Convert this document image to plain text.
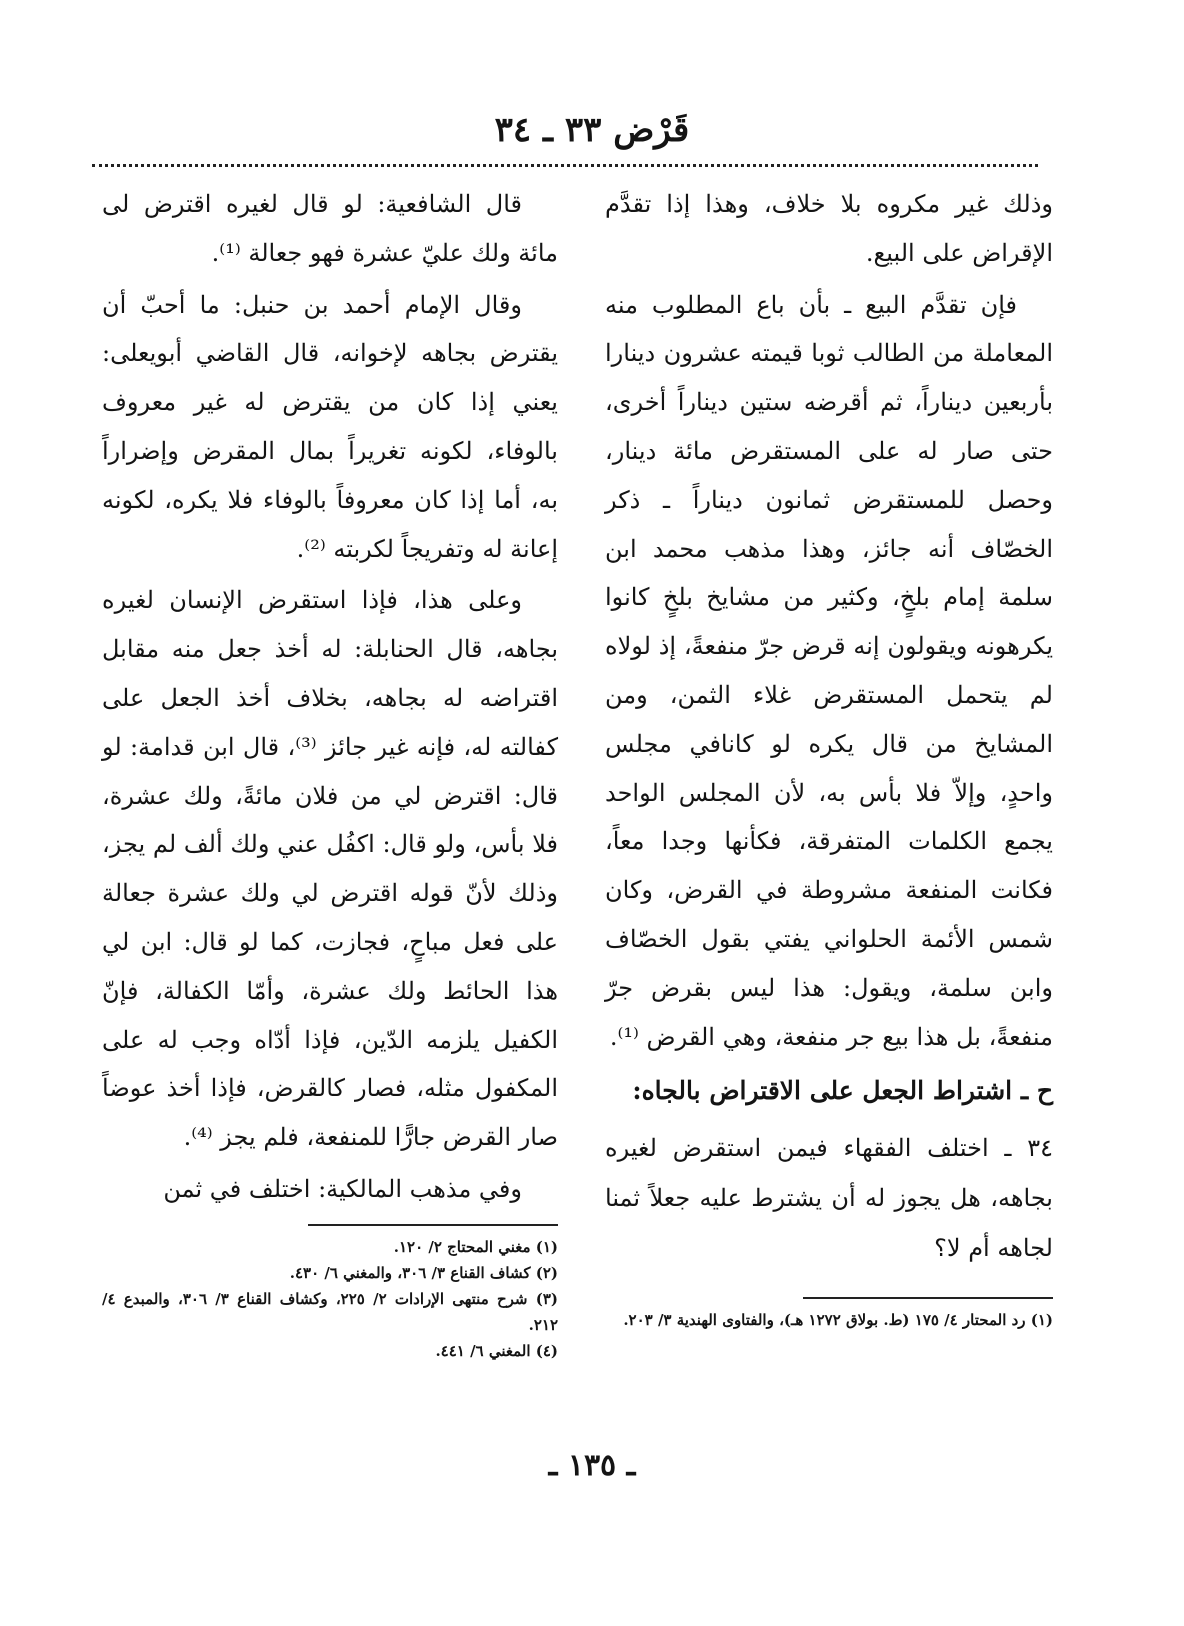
قَرْض ٣٣ ـ ٣٤

وذلك غير مكروه بلا خلاف، وهذا إذا تقدَّم الإقراض على البيع.

فإن تقدَّم البيع ـ بأن باع المطلوب منه المعاملة من الطالب ثوبا قيمته عشرون دينارا بأربعين ديناراً، ثم أقرضه ستين ديناراً أخرى، حتى صار له على المستقرض مائة دينار، وحصل للمستقرض ثمانون ديناراً ـ ذكر الخصّاف أنه جائز، وهذا مذهب محمد ابن سلمة إمام بلخٍ، وكثير من مشايخ بلخٍ كانوا يكرهونه ويقولون إنه قرض جرّ منفعةً، إذ لولاه لم يتحمل المستقرض غلاء الثمن، ومن المشايخ من قال يكره لو كانافي مجلس واحدٍ، وإلاّ فلا بأس به، لأن المجلس الواحد يجمع الكلمات المتفرقة، فكأنها وجدا معاً، فكانت المنفعة مشروطة في القرض، وكان شمس الأئمة الحلواني يفتي بقول الخصّاف وابن سلمة، ويقول: هذا ليس بقرض جرّ منفعةً، بل هذا بيع جر منفعة، وهي القرض ⁽¹⁾.

ح ـ اشتراط الجعل على الاقتراض بالجاه:

٣٤ ـ اختلف الفقهاء فيمن استقرض لغيره بجاهه، هل يجوز له أن يشترط عليه جعلاً ثمنا لجاهه أم لا؟

(١) رد المحتار ٤/ ١٧٥ (ط. بولاق ١٢٧٢ هـ)، والفتاوى الهندية ٣/ ٢٠٣.

قال الشافعية: لو قال لغيره اقترض لى مائة ولك عليّ عشرة فهو جعالة ⁽¹⁾.

وقال الإمام أحمد بن حنبل: ما أحبّ أن يقترض بجاهه لإخوانه، قال القاضي أبويعلى: يعني إذا كان من يقترض له غير معروف بالوفاء، لكونه تغريراً بمال المقرض وإضراراً به، أما إذا كان معروفاً بالوفاء فلا يكره، لكونه إعانة له وتفريجاً لكربته ⁽²⁾.

وعلى هذا، فإذا استقرض الإنسان لغيره بجاهه، قال الحنابلة: له أخذ جعل منه مقابل اقتراضه له بجاهه، بخلاف أخذ الجعل على كفالته له، فإنه غير جائز ⁽³⁾، قال ابن قدامة: لو قال: اقترض لي من فلان مائةً، ولك عشرة، فلا بأس، ولو قال: اكفُل عني ولك ألف لم يجز، وذلك لأنّ قوله اقترض لي ولك عشرة جعالة على فعل مباحٍ، فجازت، كما لو قال: ابن لي هذا الحائط ولك عشرة، وأمّا الكفالة، فإنّ الكفيل يلزمه الدّين، فإذا أدّاه وجب له على المكفول مثله، فصار كالقرض، فإذا أخذ عوضاً صار القرض جارًّا للمنفعة، فلم يجز ⁽⁴⁾.

وفي مذهب المالكية: اختلف في ثمن

(١) مغني المحتاج ٢/ ١٢٠.

(٢) كشاف القناع ٣/ ٣٠٦، والمغني ٦/ ٤٣٠.

(٣) شرح منتهى الإرادات ٢/ ٢٢٥، وكشاف القناع ٣/ ٣٠٦، والمبدع ٤/ ٢١٢.

(٤) المغني ٦/ ٤٤١.

ـ ١٣٥ ـ
